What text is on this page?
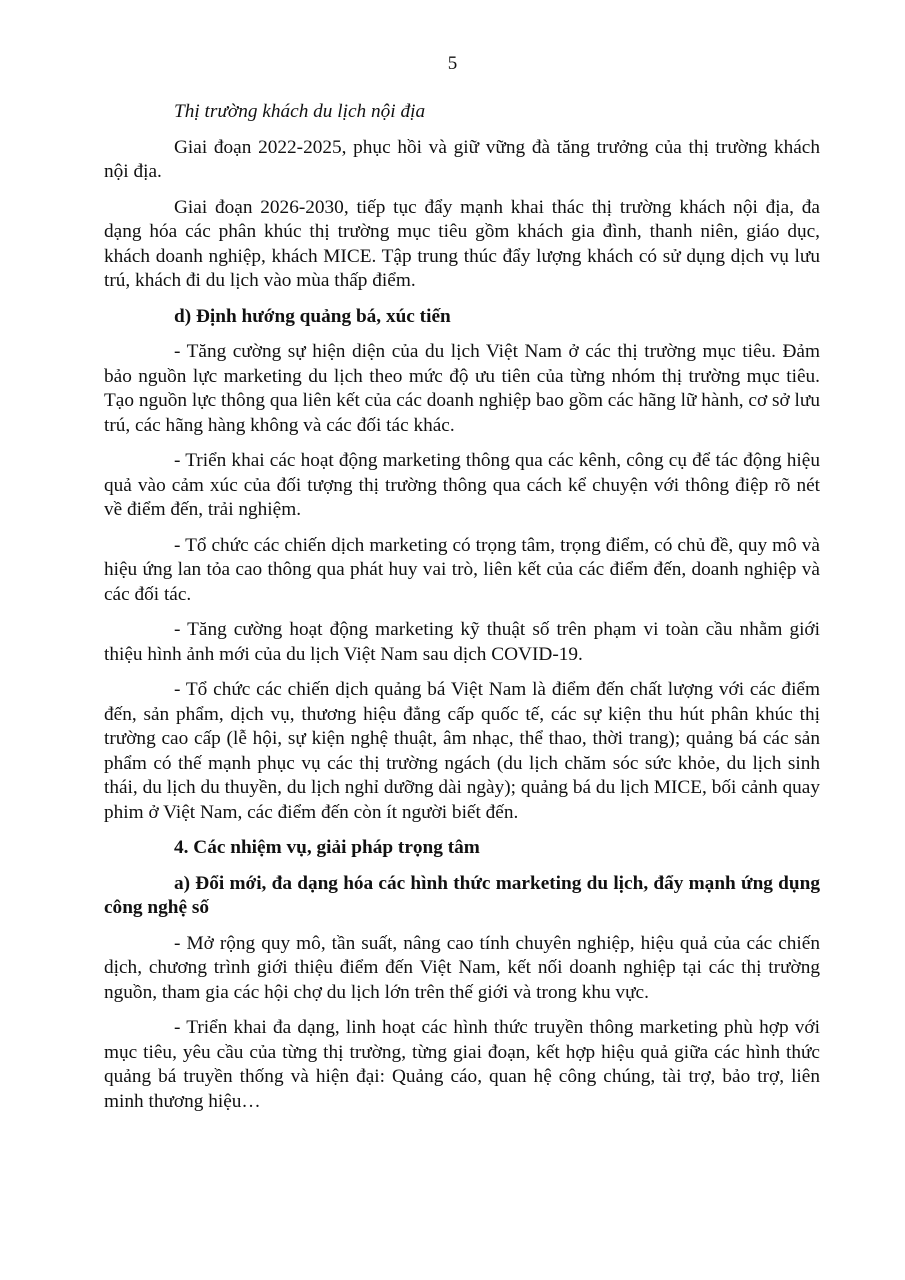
5

Thị trường khách du lịch nội địa

Giai đoạn 2022-2025, phục hồi và giữ vững đà tăng trưởng của thị trường khách nội địa.

Giai đoạn 2026-2030, tiếp tục đẩy mạnh khai thác thị trường khách nội địa, đa dạng hóa các phân khúc thị trường mục tiêu gồm khách gia đình, thanh niên, giáo dục, khách doanh nghiệp, khách MICE. Tập trung thúc đẩy lượng khách có sử dụng dịch vụ lưu trú, khách đi du lịch vào mùa thấp điểm.

d) Định hướng quảng bá, xúc tiến

- Tăng cường sự hiện diện của du lịch Việt Nam ở các thị trường mục tiêu. Đảm bảo nguồn lực marketing du lịch theo mức độ ưu tiên của từng nhóm thị trường mục tiêu. Tạo nguồn lực thông qua liên kết của các doanh nghiệp bao gồm các hãng lữ hành, cơ sở lưu trú, các hãng hàng không và các đối tác khác.

- Triển khai các hoạt động marketing thông qua các kênh, công cụ để tác động hiệu quả vào cảm xúc của đối tượng thị trường thông qua cách kể chuyện với thông điệp rõ nét về điểm đến, trải nghiệm.

- Tổ chức các chiến dịch marketing có trọng tâm, trọng điểm, có chủ đề, quy mô và hiệu ứng lan tỏa cao thông qua phát huy vai trò, liên kết của các điểm đến, doanh nghiệp và các đối tác.

- Tăng cường hoạt động marketing kỹ thuật số trên phạm vi toàn cầu nhằm giới thiệu hình ảnh mới của du lịch Việt Nam sau dịch COVID-19.

- Tổ chức các chiến dịch quảng bá Việt Nam là điểm đến chất lượng với các điểm đến, sản phẩm, dịch vụ, thương hiệu đẳng cấp quốc tế, các sự kiện thu hút phân khúc thị trường cao cấp (lễ hội, sự kiện nghệ thuật, âm nhạc, thể thao, thời trang); quảng bá các sản phẩm có thế mạnh phục vụ các thị trường ngách (du lịch chăm sóc sức khỏe, du lịch sinh thái, du lịch du thuyền, du lịch nghỉ dưỡng dài ngày); quảng bá du lịch MICE, bối cảnh quay phim ở Việt Nam, các điểm đến còn ít người biết đến.

4. Các nhiệm vụ, giải pháp trọng tâm

a) Đổi mới, đa dạng hóa các hình thức marketing du lịch, đẩy mạnh ứng dụng công nghệ số

- Mở rộng quy mô, tần suất, nâng cao tính chuyên nghiệp, hiệu quả của các chiến dịch, chương trình giới thiệu điểm đến Việt Nam, kết nối doanh nghiệp tại các thị trường nguồn, tham gia các hội chợ du lịch lớn trên thế giới và trong khu vực.

- Triển khai đa dạng, linh hoạt các hình thức truyền thông marketing phù hợp với mục tiêu, yêu cầu của từng thị trường, từng giai đoạn, kết hợp hiệu quả giữa các hình thức quảng bá truyền thống và hiện đại: Quảng cáo, quan hệ công chúng, tài trợ, bảo trợ, liên minh thương hiệu…
